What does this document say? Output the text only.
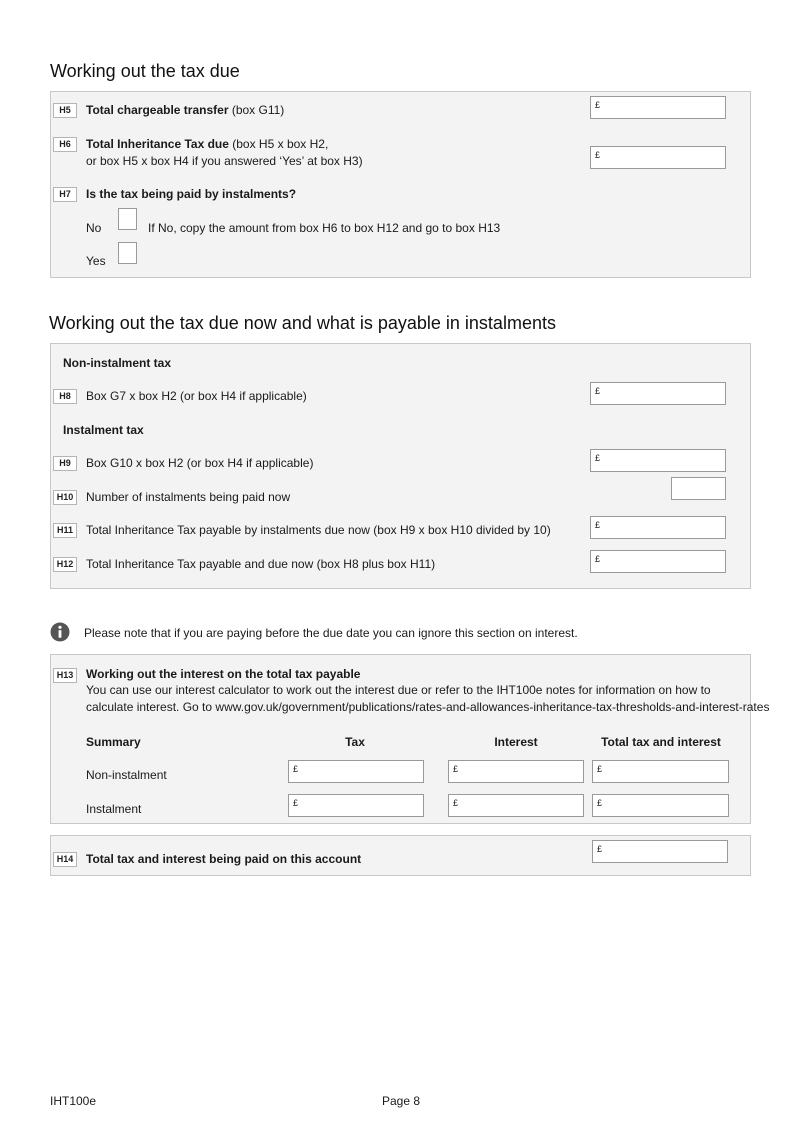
Working out the tax due
H5	Total chargeable transfer (box G11)	£
H6	Total Inheritance Tax due (box H5 x box H2,
or box H5 x box H4 if you answered ‘Yes’ at box H3)	£
H7	Is the tax being paid by instalments?
No	If No, copy the amount from box H6 to box H12 and go to box H13
Yes
Working out the tax due now and what is payable in instalments
Non-instalment tax
H8	Box G7 x box H2 (or box H4 if applicable)	£
Instalment tax
H9	Box G10 x box H2 (or box H4 if applicable)	£
H10	Number of instalments being paid now
H11	Total Inheritance Tax payable by instalments due now (box H9 x box H10 divided by 10)	£
H12	Total Inheritance Tax payable and due now (box H8 plus box H11)	£
Please note that if you are paying before the due date you can ignore this section on interest.
H13	Working out the interest on the total tax payable
You can use our interest calculator to work out the interest due or refer to the IHT100e notes for information on how to
calculate interest. Go to www.gov.uk/government/publications/rates-and-allowances-inheritance-tax-thresholds-and-interest-rates
Summary	Tax	Interest	Total tax and interest
Non-instalment	£	£	£
Instalment	£	£	£
H14	Total tax and interest being paid on this account
£
IHT100e	Page 8
